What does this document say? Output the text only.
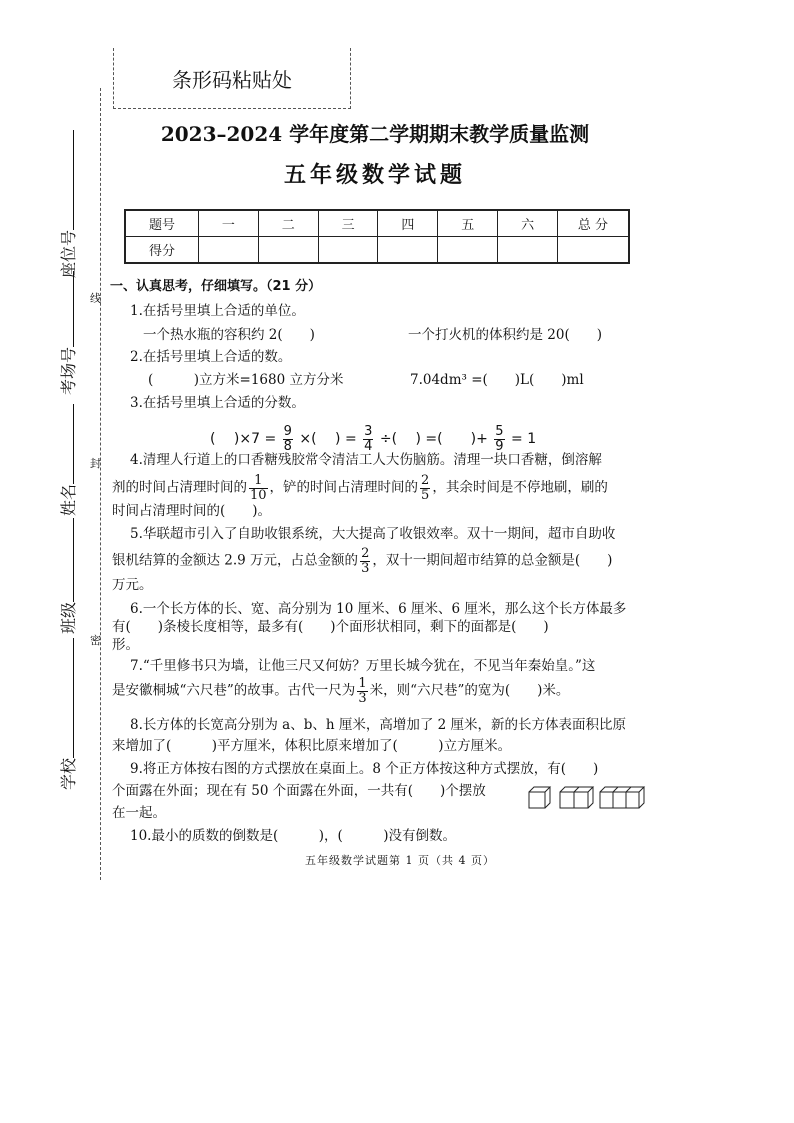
条形码粘贴处
线
封
密
座位号
考场号
姓名
班级
学校
2023–2024 学年度第二学期期末教学质量监测
五年级数学试题
题号	一	二	三	四	五	六	总 分
得分							
一、认真思考，仔细填写。（21 分）
1.在括号里填上合适的单位。
一个热水瓶的容积约 2(　　)	一个打火机的体积约是 20(　　)
2.在括号里填上合适的数。
(　　　)立方米=1680 立方分米	7.04dm³ =(　　)L(　　)ml
3.在括号里填上合适的分数。
(　 )$\times 7 = \frac{9}{8}$ ×(　 ) = $\frac{3}{4}$ ÷(　 ) =(　　)+ $\frac{5}{9} = 1$
4.清理人行道上的口香糖残胶常令清洁工人大伤脑筋。清理一块口香糖，倒溶解
剂的时间占清理时间的 $\frac{1}{10}$ ，铲的时间占清理时间的 $\frac{2}{5}$ ，其余时间是不停地刷，刷的
时间占清理时间的(　　)。
5.华联超市引入了自助收银系统，大大提高了收银效率。双十一期间，超市自助收
银机结算的金额达 2.9 万元，占总金额的 $\frac{2}{3}$ ，双十一期间超市结算的总金额是(　　)
万元。
6.一个长方体的长、宽、高分别为 10 厘米、6 厘米、6 厘米，那么这个长方体最多
有(　　)条棱长度相等，最多有(　　)个面形状相同，剩下的面都是(　　)
形。
7.“千里修书只为墙，让他三尺又何妨？万里长城今犹在，不见当年秦始皇。”这
是安徽桐城“六尺巷”的故事。古代一尺为 $\frac{1}{3}$ 米，则“六尺巷”的宽为(　　)米。
8.长方体的长宽高分别为 a、b、h 厘米，高增加了 2 厘米，新的长方体表面积比原
来增加了(　　　)平方厘米，体积比原来增加了(　　　)立方厘米。
9.将正方体按右图的方式摆放在桌面上。8 个正方体按这种方式摆放，有(　　)
个面露在外面；现在有 50 个面露在外面，一共有(　　)个摆放
在一起。
10.最小的质数的倒数是(　　　)，(　　　)没有倒数。
五年级数学试题第 1 页（共 4 页）
